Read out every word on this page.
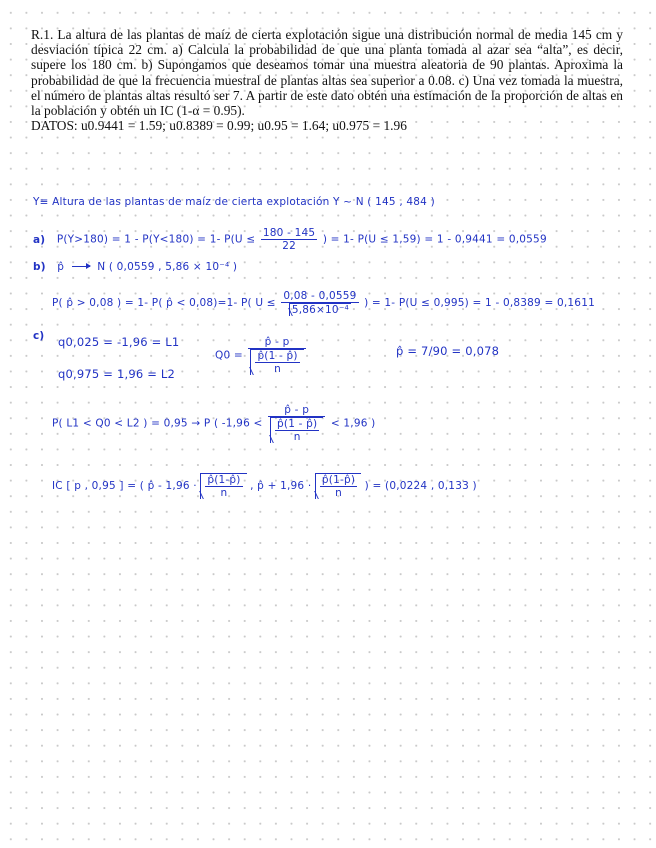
R.1. La altura de las plantas de maíz de cierta explotación sigue una distribución normal de media 145 cm y desviación típica 22 cm. a) Calcula la probabilidad de que una planta tomada al azar sea “alta”, es decir, supere los 180 cm. b) Supongamos que deseamos tomar una muestra aleatoria de 90 plantas. Aproxima la probabilidad de que la frecuencia muestral de plantas altas sea superior a 0.08. c) Una vez tomada la muestra, el número de plantas altas resultó ser 7. A partir de este dato obtén una estimación de la proporción de altas en la población y obtén un IC (1-α = 0.95).

DATOS: u0.9441 = 1.59; u0.8389 = 0.99; u0.95 = 1.64; u0.975 = 1.96

Y≡ Altura de las plantas de maíz de cierta explotación Y ~ N ( 145 , 484 )
a) P(Y>180) = 1 - P(Y<180) = 1- $P(U \le \frac{180 - 145}{22}$ ) = 1- P(U ≤ 1,59) = 1 - 0,9441 = 0,0559
b) p̂	N ( 0,0559 , 5,86 × 10⁻⁴ )
P( p̂ > 0,08 ) = 1- P( p̂ < 0,08)=1- P( $U \le \frac{0,08 - 0,0559}{\text{5,86×10⁻⁴}}$ ) = 1- P(U ≤ 0,995) = 1 - 0,8389 = 0,1611
c)	q0,025 = -1,96 = L1
q0,975 = 1,96 = L2
$Q0 = \frac{p̂ - p}{\frac{p̂(1 - p̂)}{n}}$	p̂ = 7/90 = 0,078
P( L1 < Q0 < L2 ) = 0,95 → P ( $-1,96 < \frac{p̂ - p}{\frac{p̂(1 - p̂)}{n}} < 1,96$ )
IC [ p , 0,95 ] = ( p̂ - $1,96 \cdot \frac{p̂(1-p̂)}{n}$ , p̂ + $1,96 \cdot \frac{p̂(1-p̂)}{n}$ ) = (0,0224 , 0,133 )
